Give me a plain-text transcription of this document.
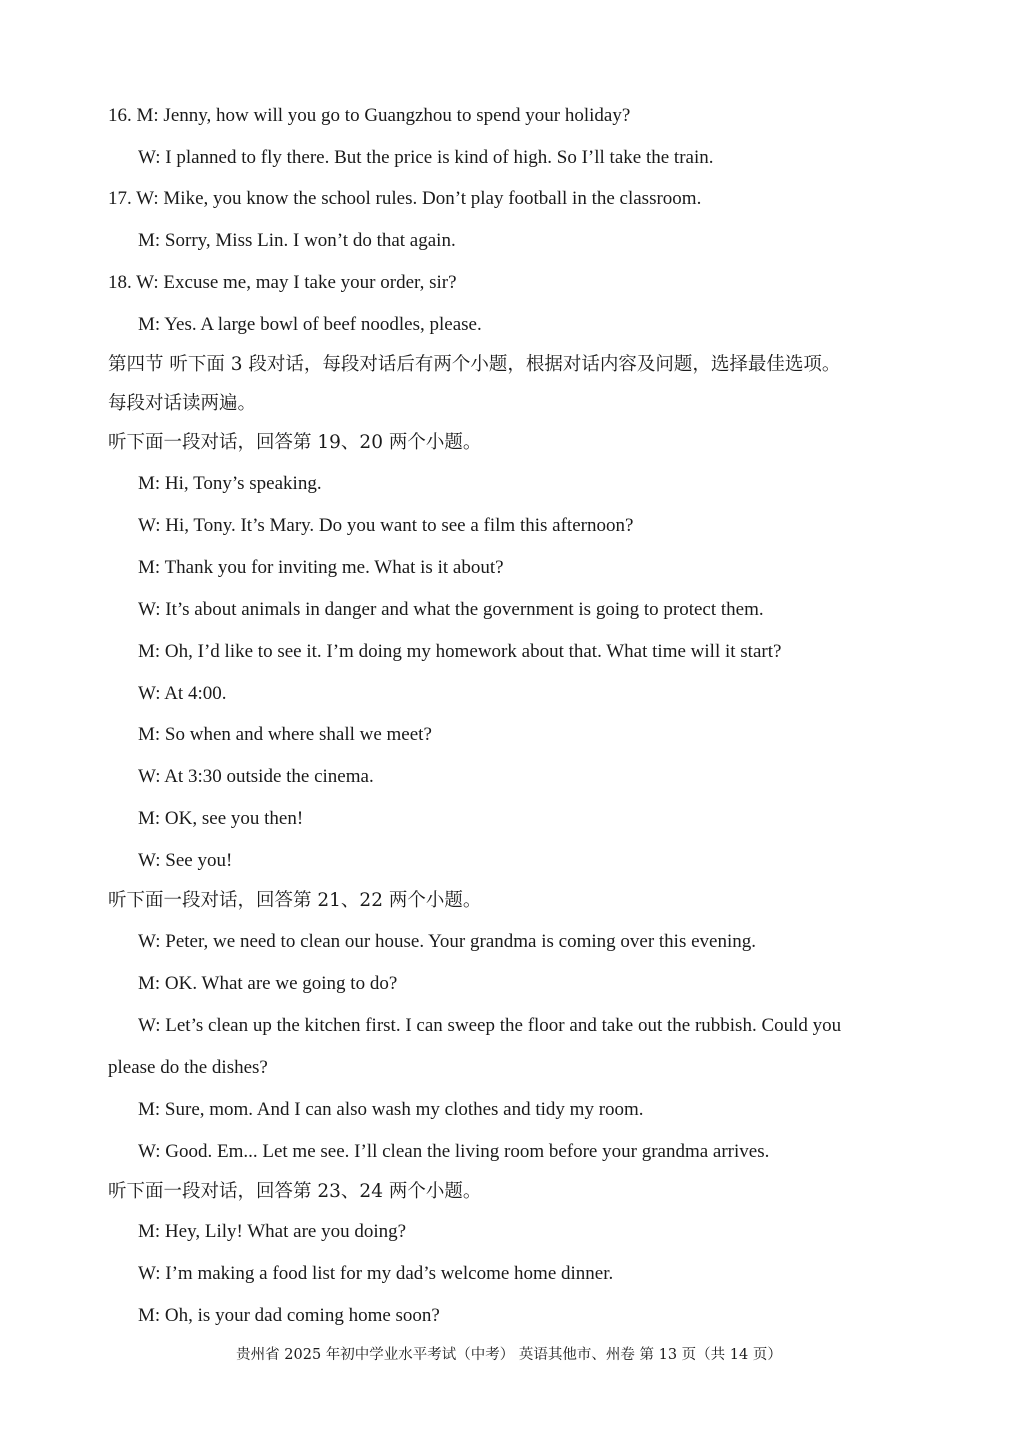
16. M: Jenny, how will you go to Guangzhou to spend your holiday?
W: I planned to fly there. But the price is kind of high. So I’ll take the train.
17. W: Mike, you know the school rules. Don’t play football in the classroom.
M: Sorry, Miss Lin. I won’t do that again.
18. W: Excuse me, may I take your order, sir?
M: Yes. A large bowl of beef noodles, please.
第四节 听下面 3 段对话，每段对话后有两个小题，根据对话内容及问题，选择最佳选项。
每段对话读两遍。
听下面一段对话，回答第 19、20 两个小题。
M: Hi, Tony’s speaking.
W: Hi, Tony. It’s Mary. Do you want to see a film this afternoon?
M: Thank you for inviting me. What is it about?
W: It’s about animals in danger and what the government is going to protect them.
M: Oh, I’d like to see it. I’m doing my homework about that. What time will it start?
W: At 4:00.
M: So when and where shall we meet?
W: At 3:30 outside the cinema.
M: OK, see you then!
W: See you!
听下面一段对话，回答第 21、22 两个小题。
W: Peter, we need to clean our house. Your grandma is coming over this evening.
M: OK. What are we going to do?
W: Let’s clean up the kitchen first. I can sweep the floor and take out the rubbish. Could you
please do the dishes?
M: Sure, mom. And I can also wash my clothes and tidy my room.
W: Good. Em... Let me see. I’ll clean the living room before your grandma arrives.
听下面一段对话，回答第 23、24 两个小题。
M: Hey, Lily! What are you doing?
W: I’m making a food list for my dad’s welcome home dinner.
M: Oh, is your dad coming home soon?
贵州省 2025 年初中学业水平考试（中考） 英语其他市、州卷 第 13 页（共 14 页）
